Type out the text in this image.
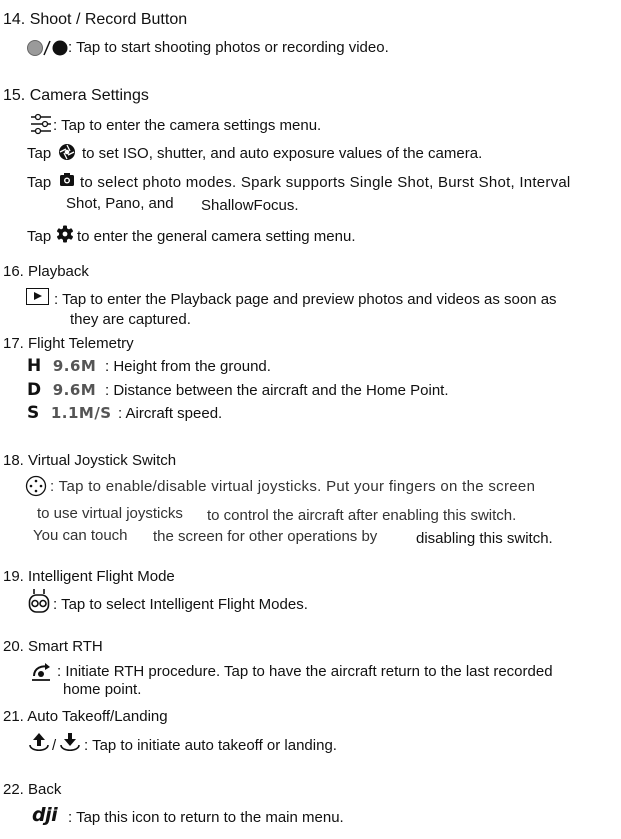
14. Shoot / Record Button
: Tap to start shooting photos or recording video.
15. Camera Settings
: Tap to enter the camera settings menu.
Tap to set ISO, shutter, and auto exposure values of the camera.
Tap to select photo modes. Spark supports Single Shot, Burst Shot, Interval
Shot, Pano, and ShallowFocus.
Tap to enter the general camera setting menu.
16. Playback
: Tap to enter the Playback page and preview photos and videos as soon as
they are captured.
17. Flight Telemetry
H 9.6M : Height from the ground.
D 9.6M : Distance between the aircraft and the Home Point.
S 1.1M/S : Aircraft speed.
18. Virtual Joystick Switch
: Tap to enable/disable virtual joysticks. Put your fingers on the screen
to use virtual joysticks to control the aircraft after enabling this switch.
You can touch the screen for other operations by	disabling this switch.
19. Intelligent Flight Mode
: Tap to select Intelligent Flight Modes.
20. Smart RTH
: Initiate RTH procedure. Tap to have the aircraft return to the last recorded
home point.
21. Auto Takeoff/Landing
/ : Tap to initiate auto takeoff or landing.
22. Back
dji : Tap this icon to return to the main menu.
